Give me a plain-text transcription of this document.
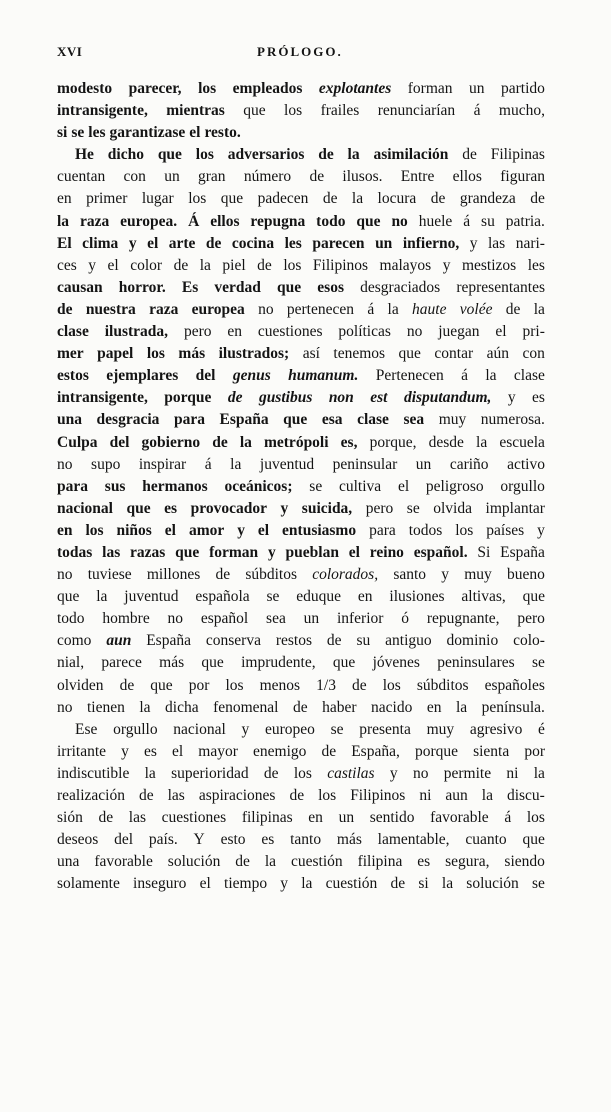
XVI	PRÓLOGO.
modesto parecer, los empleados explotantes forman un partido
intransigente, mientras que los frailes renunciarían á mucho,
si se les garantizase el resto.
He dicho que los adversarios de la asimilación de Filipinas
cuentan con un gran número de ilusos. Entre ellos figuran
en primer lugar los que padecen de la locura de grandeza de
la raza europea. Á ellos repugna todo que no huele á su patria.
El clima y el arte de cocina les parecen un infierno, y las nari-
ces y el color de la piel de los Filipinos malayos y mestizos les
causan horror. Es verdad que esos desgraciados representantes
de nuestra raza europea no pertenecen á la haute volée de la
clase ilustrada, pero en cuestiones políticas no juegan el pri-
mer papel los más ilustrados; así tenemos que contar aún con
estos ejemplares del genus humanum. Pertenecen á la clase
intransigente, porque de gustibus non est disputandum, y es
una desgracia para España que esa clase sea muy numerosa.
Culpa del gobierno de la metrópoli es, porque, desde la escuela
no supo inspirar á la juventud peninsular un cariño activo
para sus hermanos oceánicos; se cultiva el peligroso orgullo
nacional que es provocador y suicida, pero se olvida implantar
en los niños el amor y el entusiasmo para todos los países y
todas las razas que forman y pueblan el reino español. Si España
no tuviese millones de súbditos colorados, santo y muy bueno
que la juventud española se eduque en ilusiones altivas, que
todo hombre no español sea un inferior ó repugnante, pero
como aun España conserva restos de su antiguo dominio colo-
nial, parece más que imprudente, que jóvenes peninsulares se
olviden de que por los menos 1/3 de los súbditos españoles
no tienen la dicha fenomenal de haber nacido en la península.
Ese orgullo nacional y europeo se presenta muy agresivo é
irritante y es el mayor enemigo de España, porque sienta por
indiscutible la superioridad de los castilas y no permite ni la
realización de las aspiraciones de los Filipinos ni aun la discu-
sión de las cuestiones filipinas en un sentido favorable á los
deseos del país. Y esto es tanto más lamentable, cuanto que
una favorable solución de la cuestión filipina es segura, siendo
solamente inseguro el tiempo y la cuestión de si la solución se
